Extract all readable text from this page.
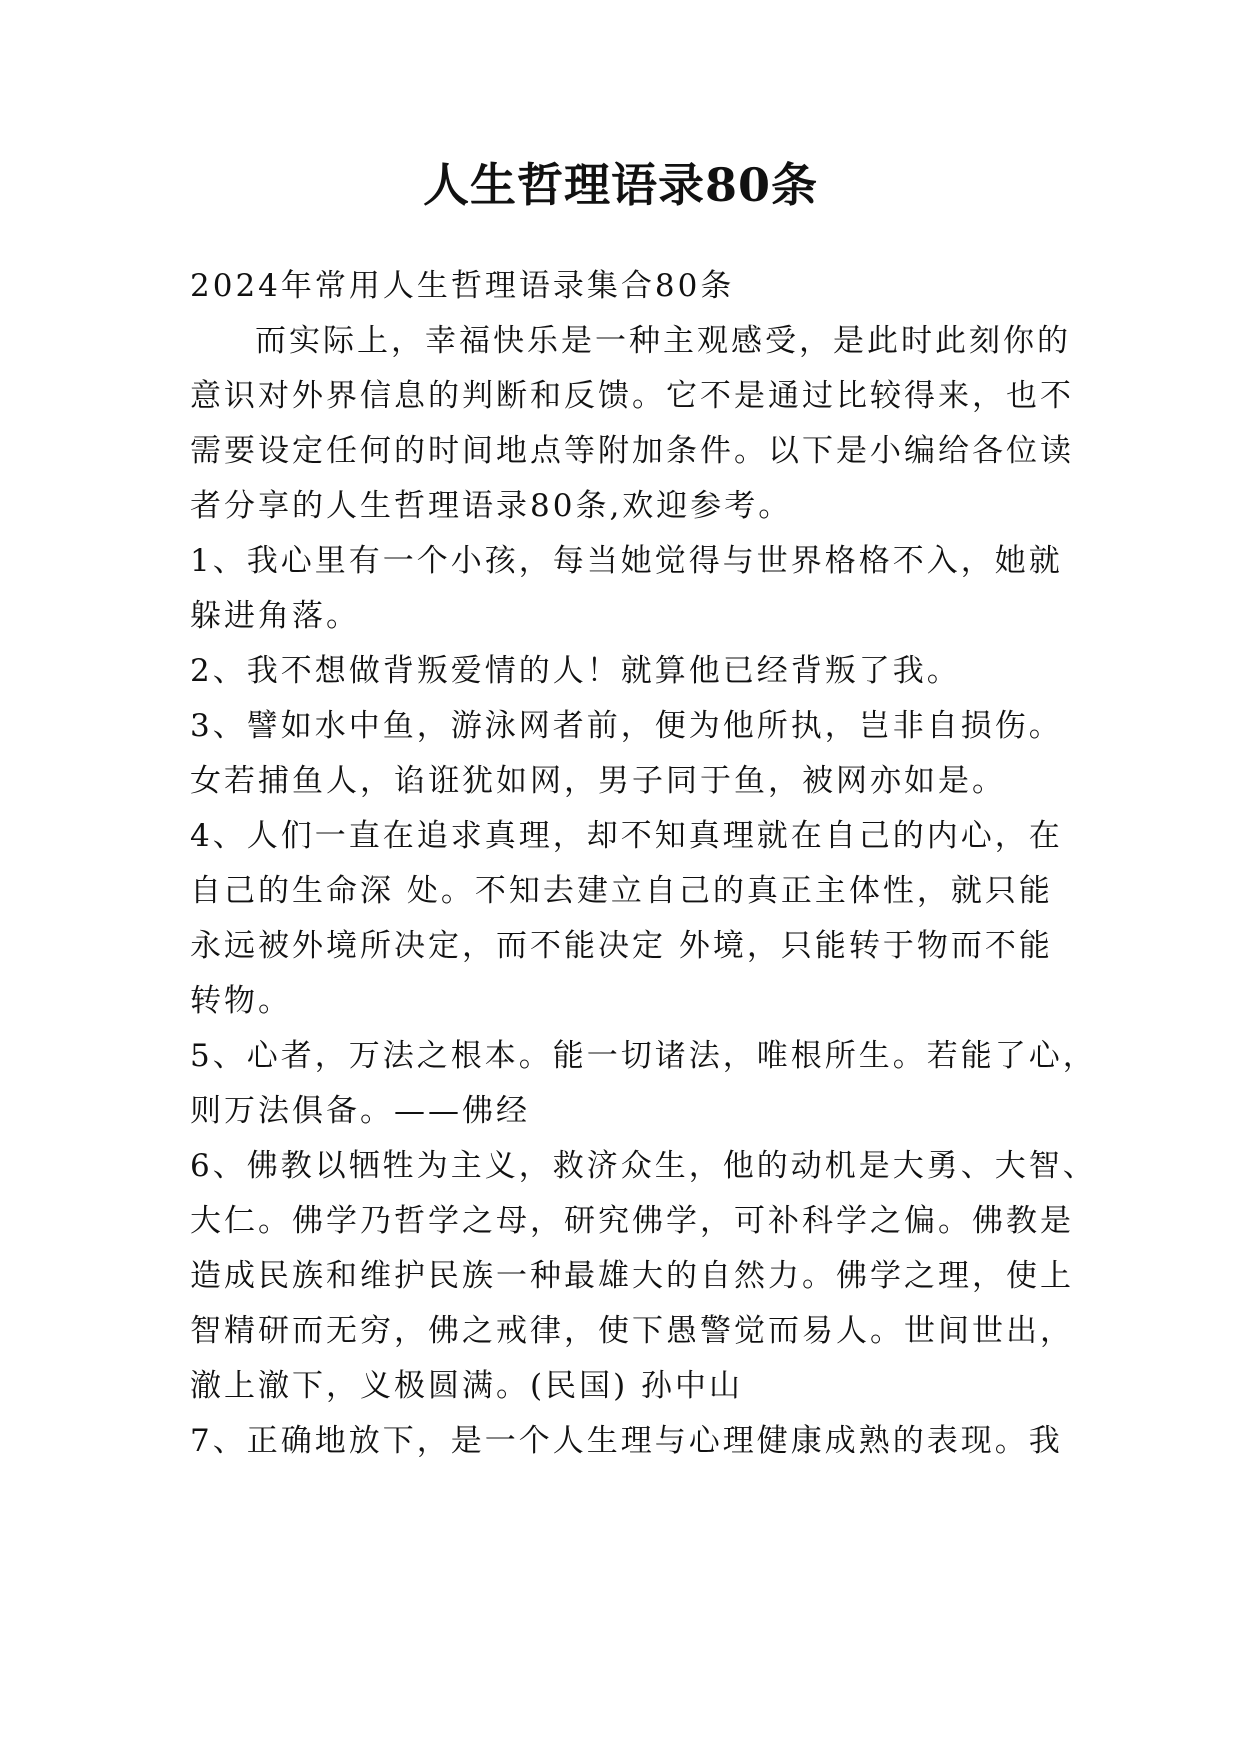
人生哲理语录80条
2024年常用人生哲理语录集合80条
而实际上，幸福快乐是一种主观感受，是此时此刻你的
意识对外界信息的判断和反馈。它不是通过比较得来，也不
需要设定任何的时间地点等附加条件。以下是小编给各位读
者分享的人生哲理语录80条,欢迎参考。
1、我心里有一个小孩，每当她觉得与世界格格不入，她就
躲进角落。
2、我不想做背叛爱情的人！就算他已经背叛了我。
3、譬如水中鱼，游泳网者前，便为他所执，岂非自损伤。
女若捕鱼人，谄诳犹如网，男子同于鱼，被网亦如是。
4、人们一直在追求真理，却不知真理就在自己的内心，在
自己的生命深 处。不知去建立自己的真正主体性，就只能
永远被外境所决定，而不能决定 外境，只能转于物而不能
转物。
5、心者，万法之根本。能一切诸法，唯根所生。若能了心，
则万法俱备。——佛经
6、佛教以牺牲为主义，救济众生，他的动机是大勇、大智、
大仁。佛学乃哲学之母，研究佛学，可补科学之偏。佛教是
造成民族和维护民族一种最雄大的自然力。佛学之理，使上
智精研而无穷，佛之戒律，使下愚警觉而易人。世间世出，
澈上澈下，义极圆满。(民国) 孙中山
7、正确地放下，是一个人生理与心理健康成熟的表现。我
